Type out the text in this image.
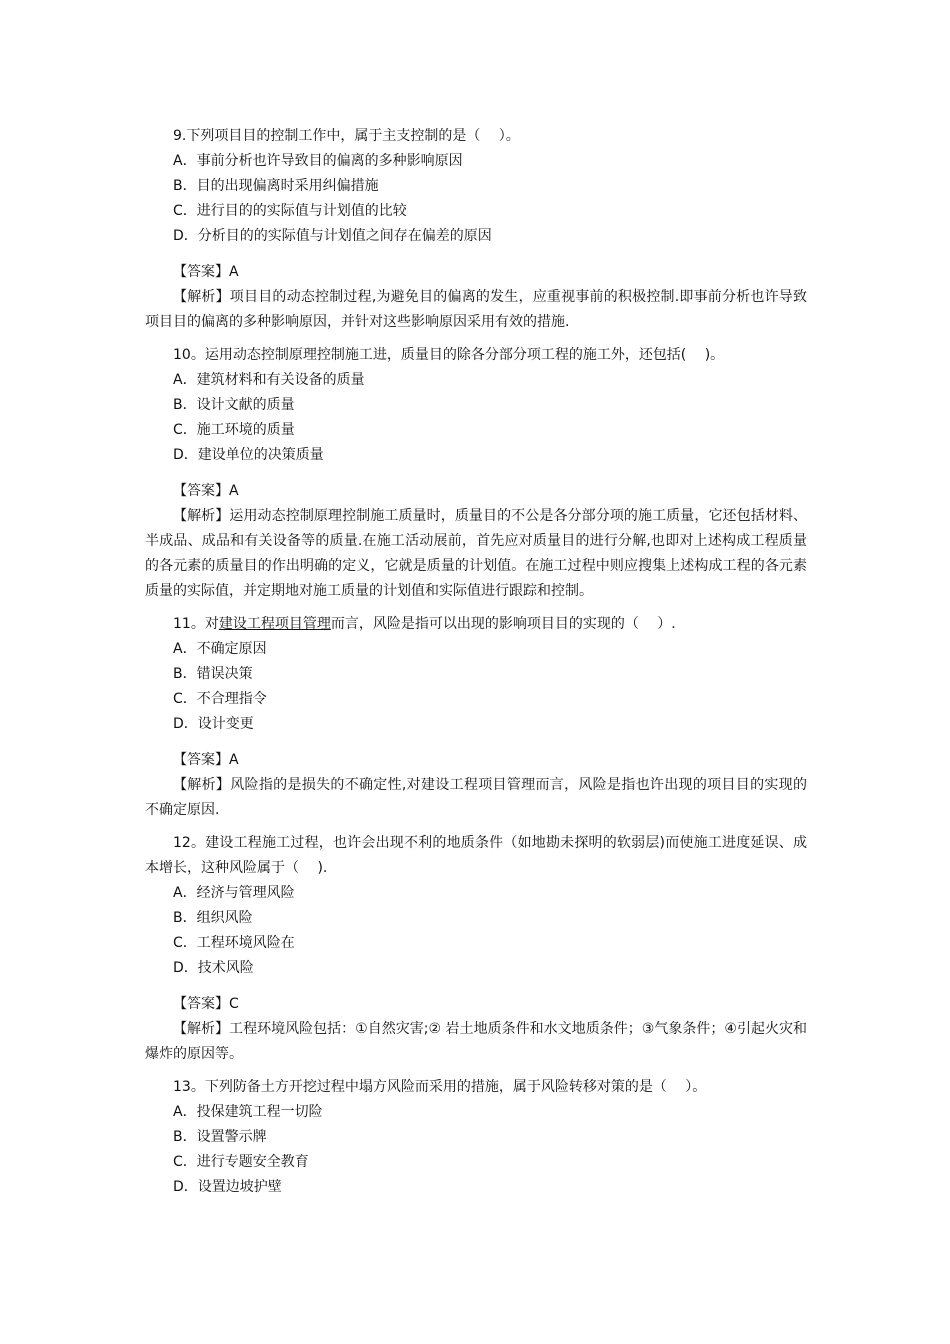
9.下列项目目的控制工作中，属于主支控制的是（　 ）。
A．事前分析也许导致目的偏离的多种影响原因
B．目的出现偏离时采用纠偏措施
C．进行目的的实际值与计划值的比较
D．分析目的的实际值与计划值之间存在偏差的原因
【答案】A
【解析】项目目的动态控制过程,为避免目的偏离的发生，应重视事前的积极控制.即事前分析也许导致项目目的偏离的多种影响原因，并针对这些影响原因采用有效的措施.
10。运用动态控制原理控制施工进，质量目的除各分部分项工程的施工外，还包括(　 )。
A．建筑材料和有关设备的质量
B．设计文献的质量
C．施工环境的质量
D．建设单位的决策质量
【答案】A
【解析】运用动态控制原理控制施工质量时，质量目的不公是各分部分项的施工质量，它还包括材料、半成品、成品和有关设备等的质量.在施工活动展前，首先应对质量目的进行分解,也即对上述构成工程质量的各元素的质量目的作出明确的定义，它就是质量的计划值。在施工过程中则应搜集上述构成工程的各元素质量的实际值，并定期地对施工质量的计划值和实际值进行跟踪和控制。
11。对建设工程项目管理而言，风险是指可以出现的影响项目目的实现的（　 ）.
A．不确定原因
B．错误决策
C．不合理指令
D．设计变更
【答案】A
【解析】风险指的是损失的不确定性,对建设工程项目管理而言，风险是指也许出现的项目目的实现的不确定原因.
12。建设工程施工过程，也许会出现不利的地质条件（如地勘未探明的软弱层)而使施工进度延误、成本增长，这种风险属于（　 ).
A．经济与管理风险
B．组织风险
C．工程环境风险在
D．技术风险
【答案】C
【解析】工程环境风险包括：①自然灾害;② 岩土地质条件和水文地质条件；③气象条件；④引起火灾和爆炸的原因等。
13。下列防备土方开挖过程中塌方风险而采用的措施，属于风险转移对策的是（　 ）。
A．投保建筑工程一切险
B．设置警示牌
C．进行专题安全教育
D．设置边坡护壁
